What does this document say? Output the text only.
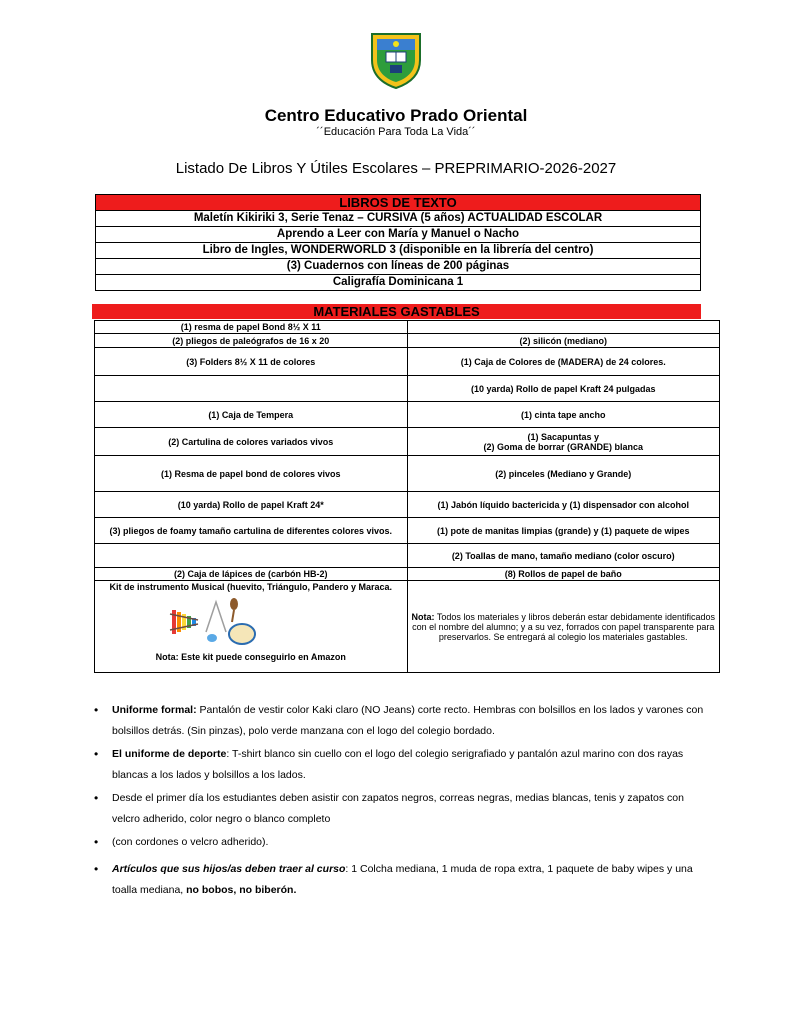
Centro Educativo Prado Oriental
´´Educación Para Toda La Vida´´
Listado De Libros Y Útiles Escolares – PREPRIMARIO-2026-2027
LIBROS DE TEXTO
Maletín Kikiriki 3, Serie Tenaz – CURSIVA (5 años) ACTUALIDAD ESCOLAR
Aprendo a Leer con María y Manuel o Nacho
Libro de Ingles, WONDERWORLD 3 (disponible en la librería del centro)
(3) Cuadernos con líneas de 200 páginas
Caligrafía Dominicana 1
MATERIALES GASTABLES
(1) resma de papel Bond 8½ X 11	
(2) pliegos de paleógrafos de 16 x 20	(2) silicón (mediano)
(3) Folders 8½ X 11 de colores	(1) Caja de Colores de (MADERA) de 24 colores.
	(10 yarda) Rollo de papel Kraft 24 pulgadas
(1) Caja de Tempera	(1) cinta tape ancho
(2) Cartulina de colores variados vivos	(1) Sacapuntas y
(2) Goma de borrar (GRANDE) blanca
(1) Resma de papel bond de colores vivos	(2) pinceles (Mediano y Grande)
(10 yarda) Rollo de papel Kraft 24*	(1) Jabón líquido bactericida y (1) dispensador con alcohol
(3) pliegos de foamy tamaño cartulina de diferentes colores vivos.	(1) pote de manitas limpias (grande) y (1) paquete de wipes
	(2) Toallas de mano, tamaño mediano (color oscuro)
(2) Caja de lápices de (carbón HB-2)	(8) Rollos de papel de baño

Kit de instrumento Musical (huevito, Triángulo, Pandero y Maraca.
Nota: Este kit puede conseguirlo en Amazon	Nota: Todos los materiales y libros deberán estar debidamente identificados con el nombre del alumno; y a su vez, forrados con papel transparente para preservarlos. Se entregará al colegio los materiales gastables.
• Uniforme formal: Pantalón de vestir color Kaki claro (NO Jeans) corte recto. Hembras con bolsillos en los lados y varones con bolsillos detrás. (Sin pinzas), polo verde manzana con el logo del colegio bordado.
• El uniforme de deporte: T-shirt blanco sin cuello con el logo del colegio serigrafiado y pantalón azul marino con dos rayas blancas a los lados y bolsillos a los lados.
• Desde el primer día los estudiantes deben asistir con zapatos negros, correas negras, medias blancas, tenis y zapatos con velcro adherido, color negro o blanco completo
• (con cordones o velcro adherido).
• Artículos que sus hijos/as deben traer al curso: 1 Colcha mediana, 1 muda de ropa extra, 1 paquete de baby wipes y una toalla mediana, no bobos, no biberón.
